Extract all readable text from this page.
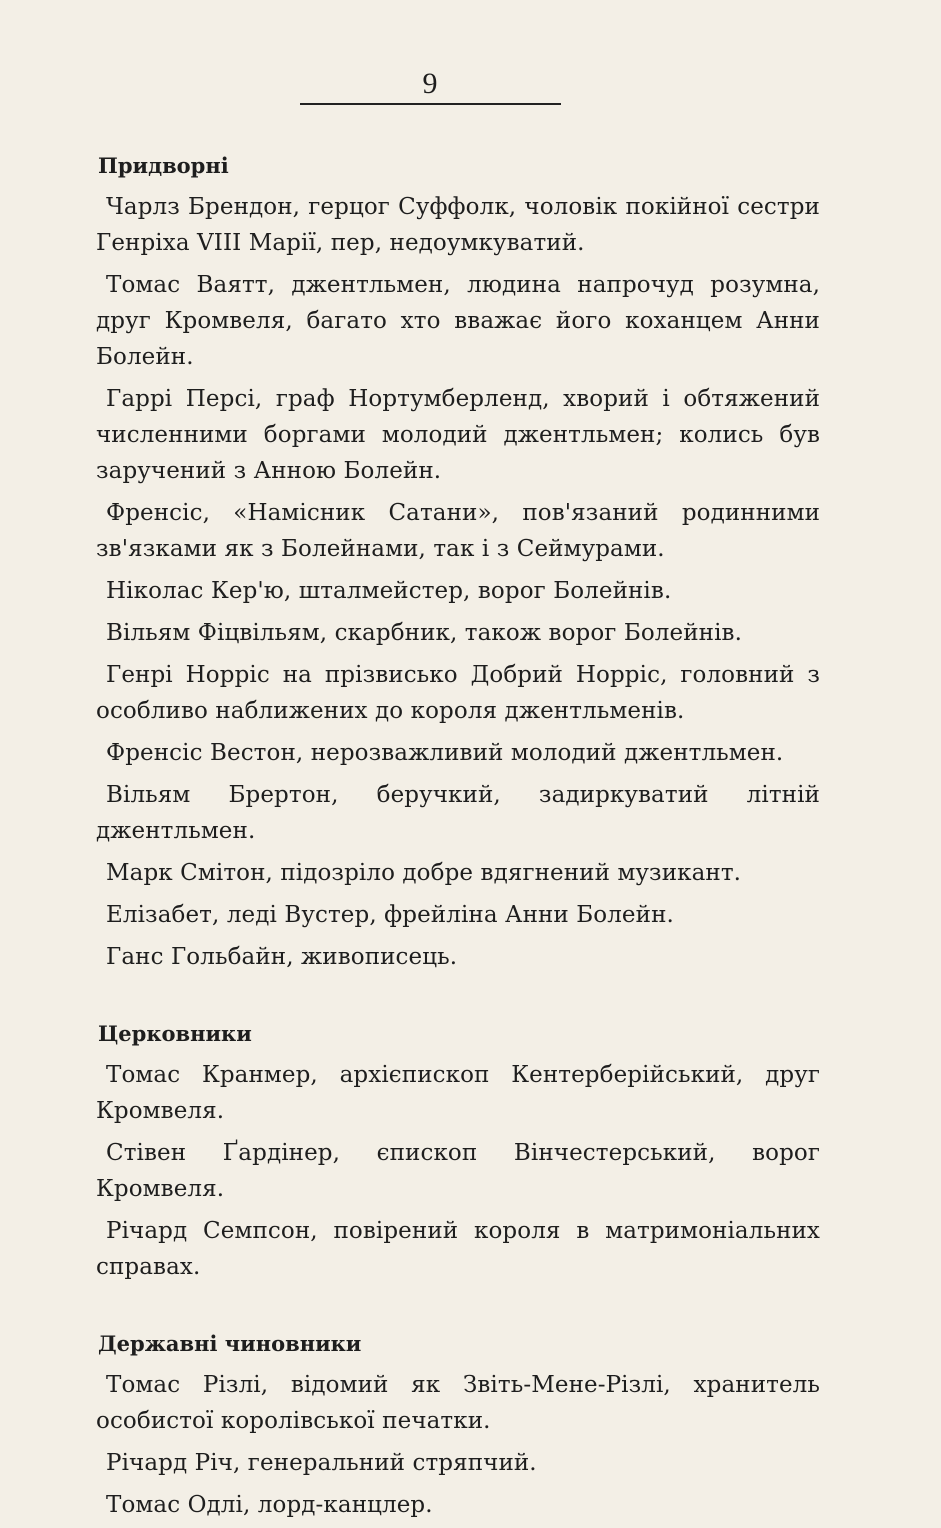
9
Придворні
Чарлз Брендон, герцог Суффолк, чоловік покійної сестри Генріха VIII Марії, пер, недоумкуватий.
Томас Ваятт, джентльмен, людина напрочуд розумна, друг Кромвеля, багато хто вважає його коханцем Анни Болейн.
Гаррі Персі, граф Нортумберленд, хворий і обтяжений численними боргами молодий джентльмен; колись був заручений з Анною Болейн.
Френсіс, «Намісник Сатани», пов'язаний родинними зв'язками як з Болейнами, так і з Сеймурами.
Ніколас Кер'ю, шталмейстер, ворог Болейнів.
Вільям Фіцвільям, скарбник, також ворог Болейнів.
Генрі Норріс на прізвисько Добрий Норріс, головний з особливо наближених до короля джентльменів.
Френсіс Вестон, нерозважливий молодий джентльмен.
Вільям Бpертон, беручкий, задиркуватий літній джентльмен.
Марк Смітон, підозріло добре вдягнений музикант.
Елізабет, леді Вустер, фрейліна Анни Болейн.
Ганс Гольбайн, живописець.
Церковники
Томас Кранмер, архієпископ Кентерберійський, друг Кромвеля.
Стівен Ґардінер, єпископ Вінчестерський, ворог Кромвеля.
Річард Семпсон, повірений короля в матримоніальних справах.
Державні чиновники
Томас Різлі, відомий як Звіть-Мене-Різлі, хранитель особистої королівської печатки.
Річард Річ, генеральний стряпчий.
Томас Одлі, лорд-канцлер.
